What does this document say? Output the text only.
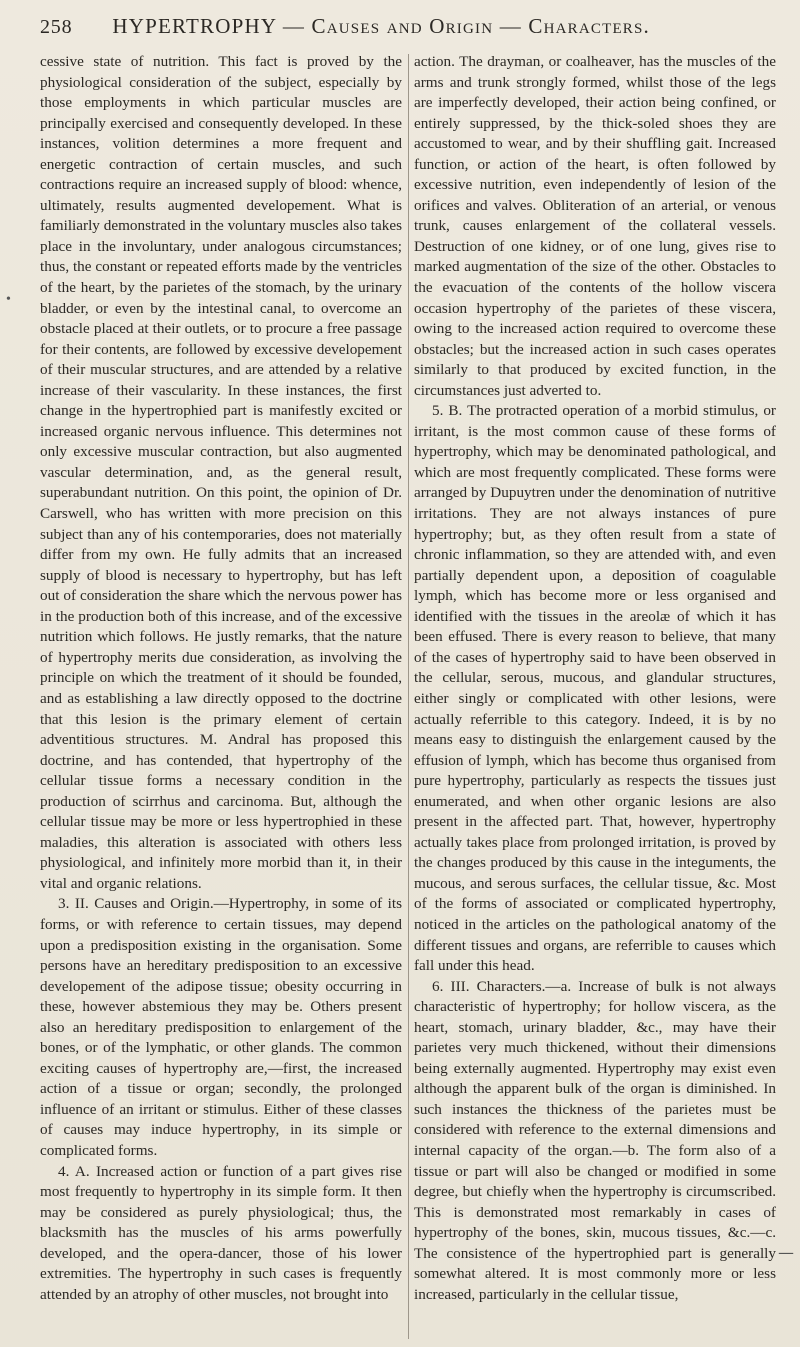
258 HYPERTROPHY — Causes and Origin — Characters.

cessive state of nutrition. This fact is proved by the physiological consideration of the subject, especially by those employments in which particular muscles are principally exercised and consequently developed. In these instances, volition determines a more frequent and energetic contraction of certain muscles, and such contractions require an increased supply of blood: whence, ultimately, results augmented developement. What is familiarly demonstrated in the voluntary muscles also takes place in the involuntary, under analogous circumstances; thus, the constant or repeated efforts made by the ventricles of the heart, by the parietes of the stomach, by the urinary bladder, or even by the intestinal canal, to overcome an obstacle placed at their outlets, or to procure a free passage for their contents, are followed by excessive developement of their muscular structures, and are attended by a relative increase of their vascularity. In these instances, the first change in the hypertrophied part is manifestly excited or increased organic nervous influence. This determines not only excessive muscular contraction, but also augmented vascular determination, and, as the general result, superabundant nutrition. On this point, the opinion of Dr. Carswell, who has written with more precision on this subject than any of his contemporaries, does not materially differ from my own. He fully admits that an increased supply of blood is necessary to hypertrophy, but has left out of consideration the share which the nervous power has in the production both of this increase, and of the excessive nutrition which follows. He justly remarks, that the nature of hypertrophy merits due consideration, as involving the principle on which the treatment of it should be founded, and as establishing a law directly opposed to the doctrine that this lesion is the primary element of certain adventitious structures. M. Andral has proposed this doctrine, and has contended, that hypertrophy of the cellular tissue forms a necessary condition in the production of scirrhus and carcinoma. But, although the cellular tissue may be more or less hypertrophied in these maladies, this alteration is associated with others less physiological, and infinitely more morbid than it, in their vital and organic relations.

3. II. Causes and Origin.—Hypertrophy, in some of its forms, or with reference to certain tissues, may depend upon a predisposition existing in the organisation. Some persons have an hereditary predisposition to an excessive developement of the adipose tissue; obesity occurring in these, however abstemious they may be. Others present also an hereditary predisposition to enlargement of the bones, or of the lymphatic, or other glands. The common exciting causes of hypertrophy are,—first, the increased action of a tissue or organ; secondly, the prolonged influence of an irritant or stimulus. Either of these classes of causes may induce hypertrophy, in its simple or complicated forms.

4. A. Increased action or function of a part gives rise most frequently to hypertrophy in its simple form. It then may be considered as purely physiological; thus, the blacksmith has the muscles of his arms powerfully developed, and the opera-dancer, those of his lower extremities. The hypertrophy in such cases is frequently attended by an atrophy of other muscles, not brought into

action. The drayman, or coalheaver, has the muscles of the arms and trunk strongly formed, whilst those of the legs are imperfectly developed, their action being confined, or entirely suppressed, by the thick-soled shoes they are accustomed to wear, and by their shuffling gait. Increased function, or action of the heart, is often followed by excessive nutrition, even independently of lesion of the orifices and valves. Obliteration of an arterial, or venous trunk, causes enlargement of the collateral vessels. Destruction of one kidney, or of one lung, gives rise to marked augmentation of the size of the other. Obstacles to the evacuation of the contents of the hollow viscera occasion hypertrophy of the parietes of these viscera, owing to the increased action required to overcome these obstacles; but the increased action in such cases operates similarly to that produced by excited function, in the circumstances just adverted to.

5. B. The protracted operation of a morbid stimulus, or irritant, is the most common cause of these forms of hypertrophy, which may be denominated pathological, and which are most frequently complicated. These forms were arranged by Dupuytren under the denomination of nutritive irritations. They are not always instances of pure hypertrophy; but, as they often result from a state of chronic inflammation, so they are attended with, and even partially dependent upon, a deposition of coagulable lymph, which has become more or less organised and identified with the tissues in the areolæ of which it has been effused. There is every reason to believe, that many of the cases of hypertrophy said to have been observed in the cellular, serous, mucous, and glandular structures, either singly or complicated with other lesions, were actually referrible to this category. Indeed, it is by no means easy to distinguish the enlargement caused by the effusion of lymph, which has become thus organised from pure hypertrophy, particularly as respects the tissues just enumerated, and when other organic lesions are also present in the affected part. That, however, hypertrophy actually takes place from prolonged irritation, is proved by the changes produced by this cause in the integuments, the mucous, and serous surfaces, the cellular tissue, &c. Most of the forms of associated or complicated hypertrophy, noticed in the articles on the pathological anatomy of the different tissues and organs, are referrible to causes which fall under this head.

6. III. Characters.—a. Increase of bulk is not always characteristic of hypertrophy; for hollow viscera, as the heart, stomach, urinary bladder, &c., may have their parietes very much thickened, without their dimensions being externally augmented. Hypertrophy may exist even although the apparent bulk of the organ is diminished. In such instances the thickness of the parietes must be considered with reference to the external dimensions and internal capacity of the organ.—b. The form also of a tissue or part will also be changed or modified in some degree, but chiefly when the hypertrophy is circumscribed. This is demonstrated most remarkably in cases of hypertrophy of the bones, skin, mucous tissues, &c.—c. The consistence of the hypertrophied part is generally somewhat altered. It is most commonly more or less increased, particularly in the cellular tissue,

•
—
